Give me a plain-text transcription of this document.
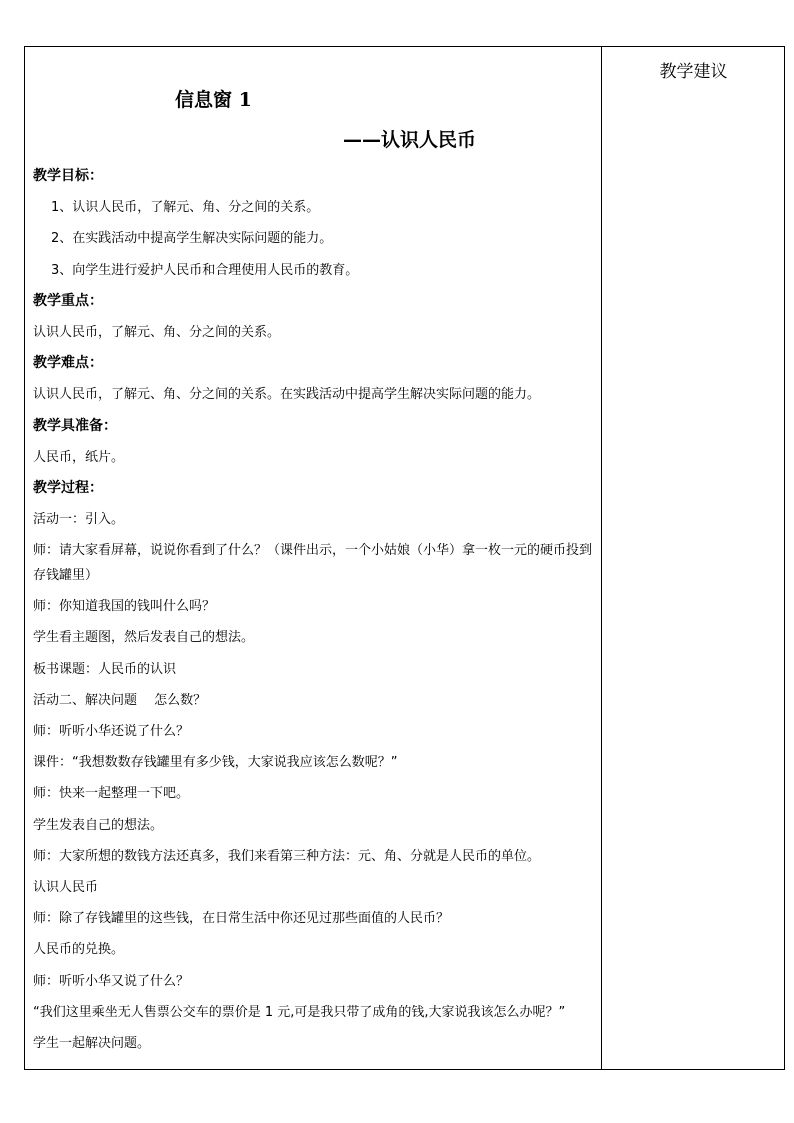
教学建议
信息窗 1
——认识人民币
教学目标：
1、认识人民币，了解元、角、分之间的关系。
2、在实践活动中提高学生解决实际问题的能力。
3、向学生进行爱护人民币和合理使用人民币的教育。
教学重点：
认识人民币，了解元、角、分之间的关系。
教学难点：
认识人民币，了解元、角、分之间的关系。在实践活动中提高学生解决实际问题的能力。
教学具准备：
人民币，纸片。
教学过程：
活动一：引入。
师：请大家看屏幕，说说你看到了什么？（课件出示，一个小姑娘（小华）拿一枚一元的硬币投到存钱罐里）
师：你知道我国的钱叫什么吗？
学生看主题图，然后发表自己的想法。
板书课题：人民币的认识
活动二、解决问题　 怎么数？
师：听听小华还说了什么？
课件：“我想数数存钱罐里有多少钱，大家说我应该怎么数呢？”
师：快来一起整理一下吧。
学生发表自己的想法。
师：大家所想的数钱方法还真多，我们来看第三种方法：元、角、分就是人民币的单位。
认识人民币
师：除了存钱罐里的这些钱，在日常生活中你还见过那些面值的人民币？
人民币的兑换。
师：听听小华又说了什么？
“我们这里乘坐无人售票公交车的票价是 1 元,可是我只带了成角的钱,大家说我该怎么办呢？”
学生一起解决问题。
